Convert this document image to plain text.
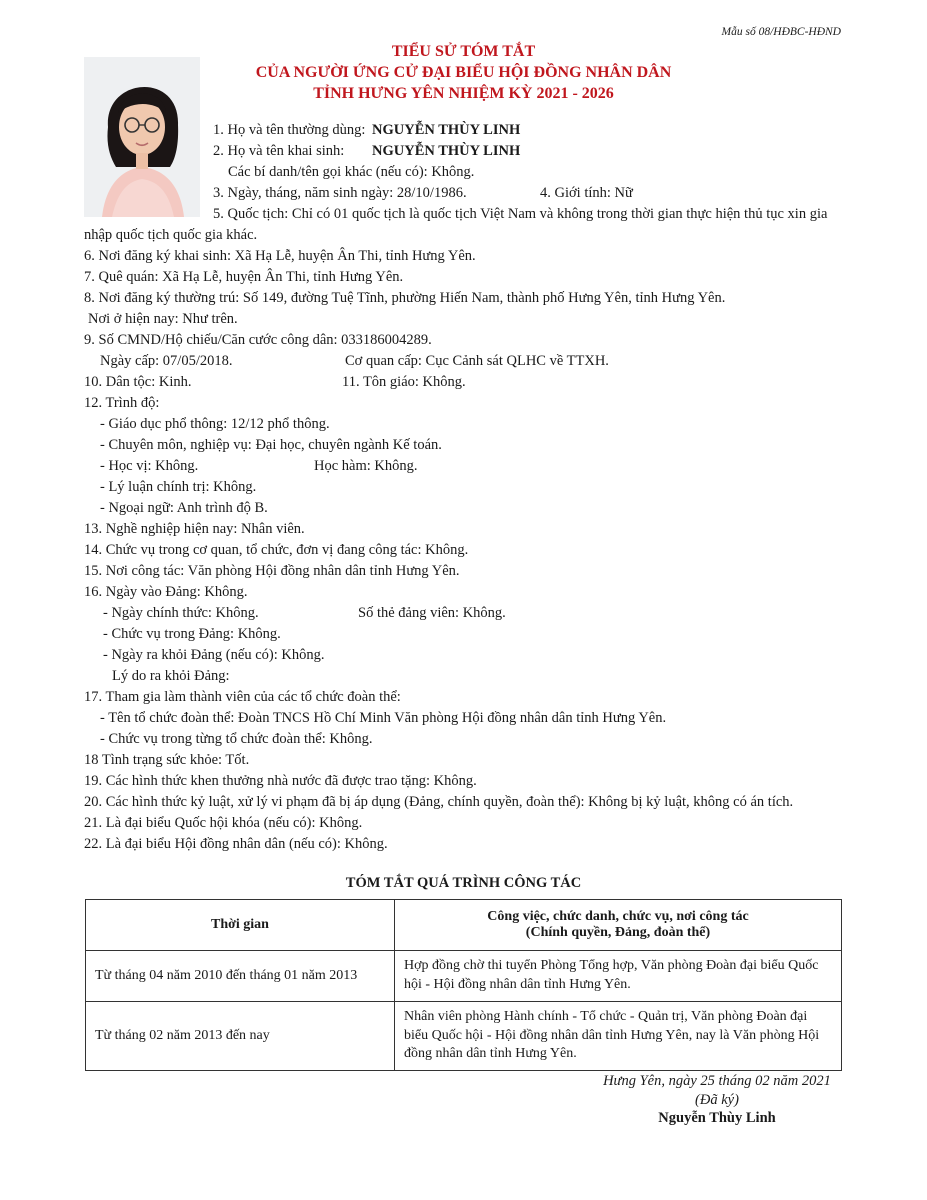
Mẫu số 08/HĐBC-HĐND
TIỂU SỬ TÓM TẮT
CỦA NGƯỜI ỨNG CỬ ĐẠI BIỂU HỘI ĐỒNG NHÂN DÂN
TỈNH HƯNG YÊN NHIỆM KỲ 2021 - 2026
1. Họ và tên thường dùng: NGUYỄN THÙY LINH
2. Họ và tên khai sinh: NGUYỄN THÙY LINH
Các bí danh/tên gọi khác (nếu có): Không.
3. Ngày, tháng, năm sinh ngày: 28/10/1986.	4. Giới tính: Nữ
5. Quốc tịch: Chỉ có 01 quốc tịch là quốc tịch Việt Nam và không trong thời gian thực hiện thủ tục xin gia
nhập quốc tịch quốc gia khác.
6. Nơi đăng ký khai sinh: Xã Hạ Lễ, huyện Ân Thi, tỉnh Hưng Yên.
7. Quê quán: Xã Hạ Lễ, huyện Ân Thi, tỉnh Hưng Yên.
8. Nơi đăng ký thường trú: Số 149, đường Tuệ Tĩnh, phường Hiến Nam, thành phố Hưng Yên, tỉnh Hưng Yên.
Nơi ở hiện nay: Như trên.
9. Số CMND/Hộ chiếu/Căn cước công dân: 033186004289.
Ngày cấp: 07/05/2018.	Cơ quan cấp: Cục Cảnh sát QLHC về TTXH.
10. Dân tộc: Kinh.	11. Tôn giáo: Không.
12. Trình độ:
- Giáo dục phổ thông: 12/12 phổ thông.
- Chuyên môn, nghiệp vụ: Đại học, chuyên ngành Kế toán.
- Học vị: Không.	Học hàm: Không.
- Lý luận chính trị: Không.
- Ngoại ngữ: Anh trình độ B.
13. Nghề nghiệp hiện nay: Nhân viên.
14. Chức vụ trong cơ quan, tổ chức, đơn vị đang công tác: Không.
15. Nơi công tác: Văn phòng Hội đồng nhân dân tỉnh Hưng Yên.
16. Ngày vào Đảng: Không.
- Ngày chính thức: Không.	Số thẻ đảng viên: Không.
- Chức vụ trong Đảng: Không.
- Ngày ra khỏi Đảng (nếu có): Không.
Lý do ra khỏi Đảng:
17. Tham gia làm thành viên của các tổ chức đoàn thể:
- Tên tổ chức đoàn thể: Đoàn TNCS Hồ Chí Minh Văn phòng Hội đồng nhân dân tỉnh Hưng Yên.
- Chức vụ trong từng tổ chức đoàn thể: Không.
18 Tình trạng sức khỏe: Tốt.
19. Các hình thức khen thưởng nhà nước đã được trao tặng: Không.
20. Các hình thức kỷ luật, xử lý vi phạm đã bị áp dụng (Đảng, chính quyền, đoàn thể): Không bị kỷ luật, không có án tích.
21. Là đại biểu Quốc hội khóa (nếu có): Không.
22. Là đại biểu Hội đồng nhân dân (nếu có): Không.
TÓM TẮT QUÁ TRÌNH CÔNG TÁC
Thời gian	Công việc, chức danh, chức vụ, nơi công tác
(Chính quyền, Đảng, đoàn thể)

Từ tháng 04 năm 2010 đến tháng 01 năm 2013	Hợp đồng chờ thi tuyển Phòng Tổng hợp, Văn phòng Đoàn đại biểu Quốc hội - Hội đồng nhân dân tỉnh Hưng Yên.
Từ tháng 02 năm 2013 đến nay	Nhân viên phòng Hành chính - Tổ chức - Quản trị, Văn phòng Đoàn đại biểu Quốc hội - Hội đồng nhân dân tỉnh Hưng Yên, nay là Văn phòng Hội đồng nhân dân tỉnh Hưng Yên.
Hưng Yên, ngày 25 tháng 02 năm 2021
(Đã ký)
Nguyễn Thùy Linh
